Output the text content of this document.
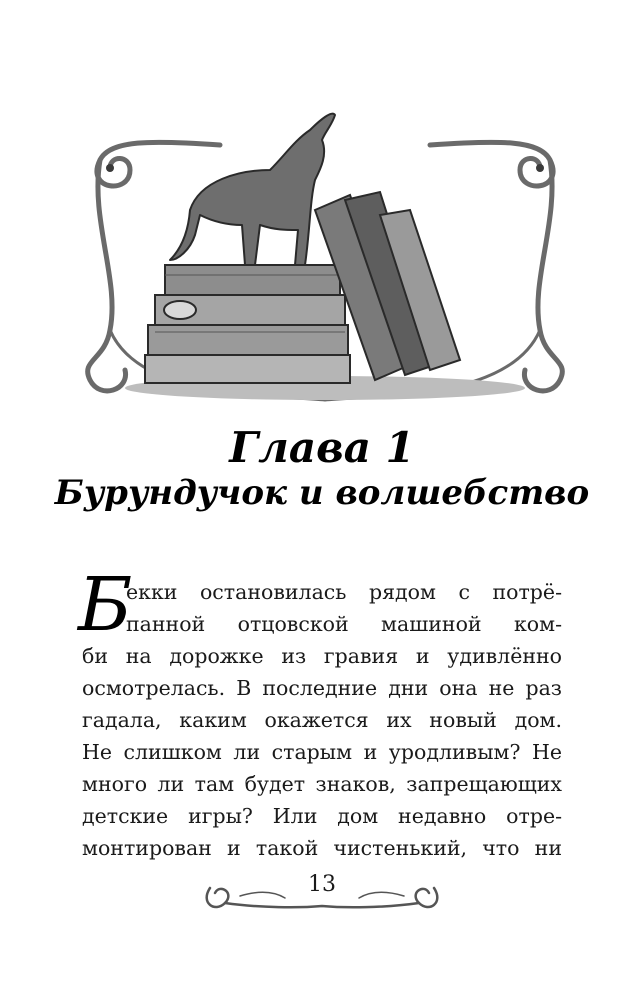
Глава 1
Бурундучок и волшебство
Б
екки остановилась рядом с потрё-
панной отцовской машиной ком-
би на дорожке из гравия и удивлённо
осмотрелась. В последние дни она не раз
гадала, каким окажется их новый дом.
Не слишком ли старым и уродливым? Не
много ли там будет знаков, запрещающих
детские игры? Или дом недавно отре-
монтирован и такой чистенький, что ни
13
